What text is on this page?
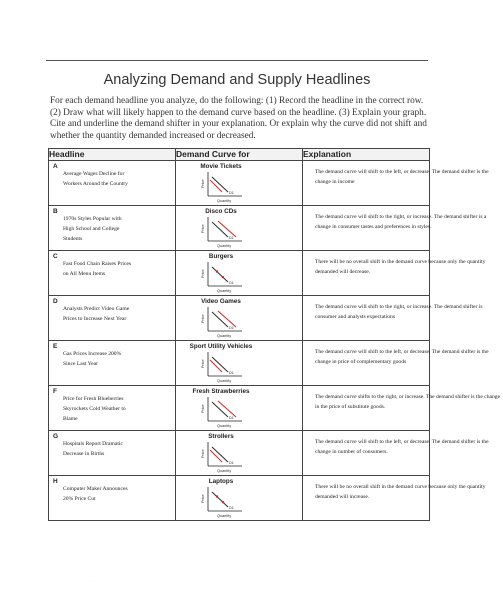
Analyzing Demand and Supply Headlines
For each demand headline you analyze, do the following: (1) Record the headline in the correct row. (2) Draw what will likely happen to the demand curve based on the headline. (3) Explain your graph. Cite and underline the demand shifter in your explanation. Or explain why the curve did not shift and whether the quantity demanded increased or decreased.
Headline	Demand Curve for	Explanation

A
Average Wages Decline for Workers Around the Country	Movie Tickets
Price
Quantity
D1	The demand curve will shift to the left, or decrease. The demand shifter is the change in income

B
1970s Styles Popular with High School and College Students	Disco CDs
Price
Quantity
D1	The demand curve will shift to the right, or increase. The demand shifter is a change in consumer tastes and preferences in styles.

C
Fast Food Chain Raises Prices on All Menu Items	Burgers
Price
Quantity
D1	There will be no overall shift in the demand curve because only the quantity demanded will decrease.

D
Analysts Predict Video Game Prices to Increase Next Year	Video Games
Price
Quantity
D1	The demand curve will shift to the right, or increase. The demand shifter is consumer and analysts expectations

E
Gas Prices Increase 200% Since Last Year	Sport Utility Vehicles
Price
Quantity
D1	The demand curve will shift to the left, or decrease. The demand shifter is the change in price of complementary goods

F
Price for Fresh Blueberries Skyrockets Cold Weather to Blame	Fresh Strawberries
Price
Quantity
D1	The demand curve shifts to the right, or increase. The demand shifter is the change in the price of substitute goods.

G
Hospitals Report Dramatic Decrease in Births	Strollers
Price
Quantity
D1	The demand curve will shift to the left, or decrease. The demand shifter is the change in number of consumers.

H
Computer Maker Announces 20% Price Cut	Laptops
Price
Quantity
D1	There will be no overall shift in the demand curve because only the quantity demanded will increase.
.
